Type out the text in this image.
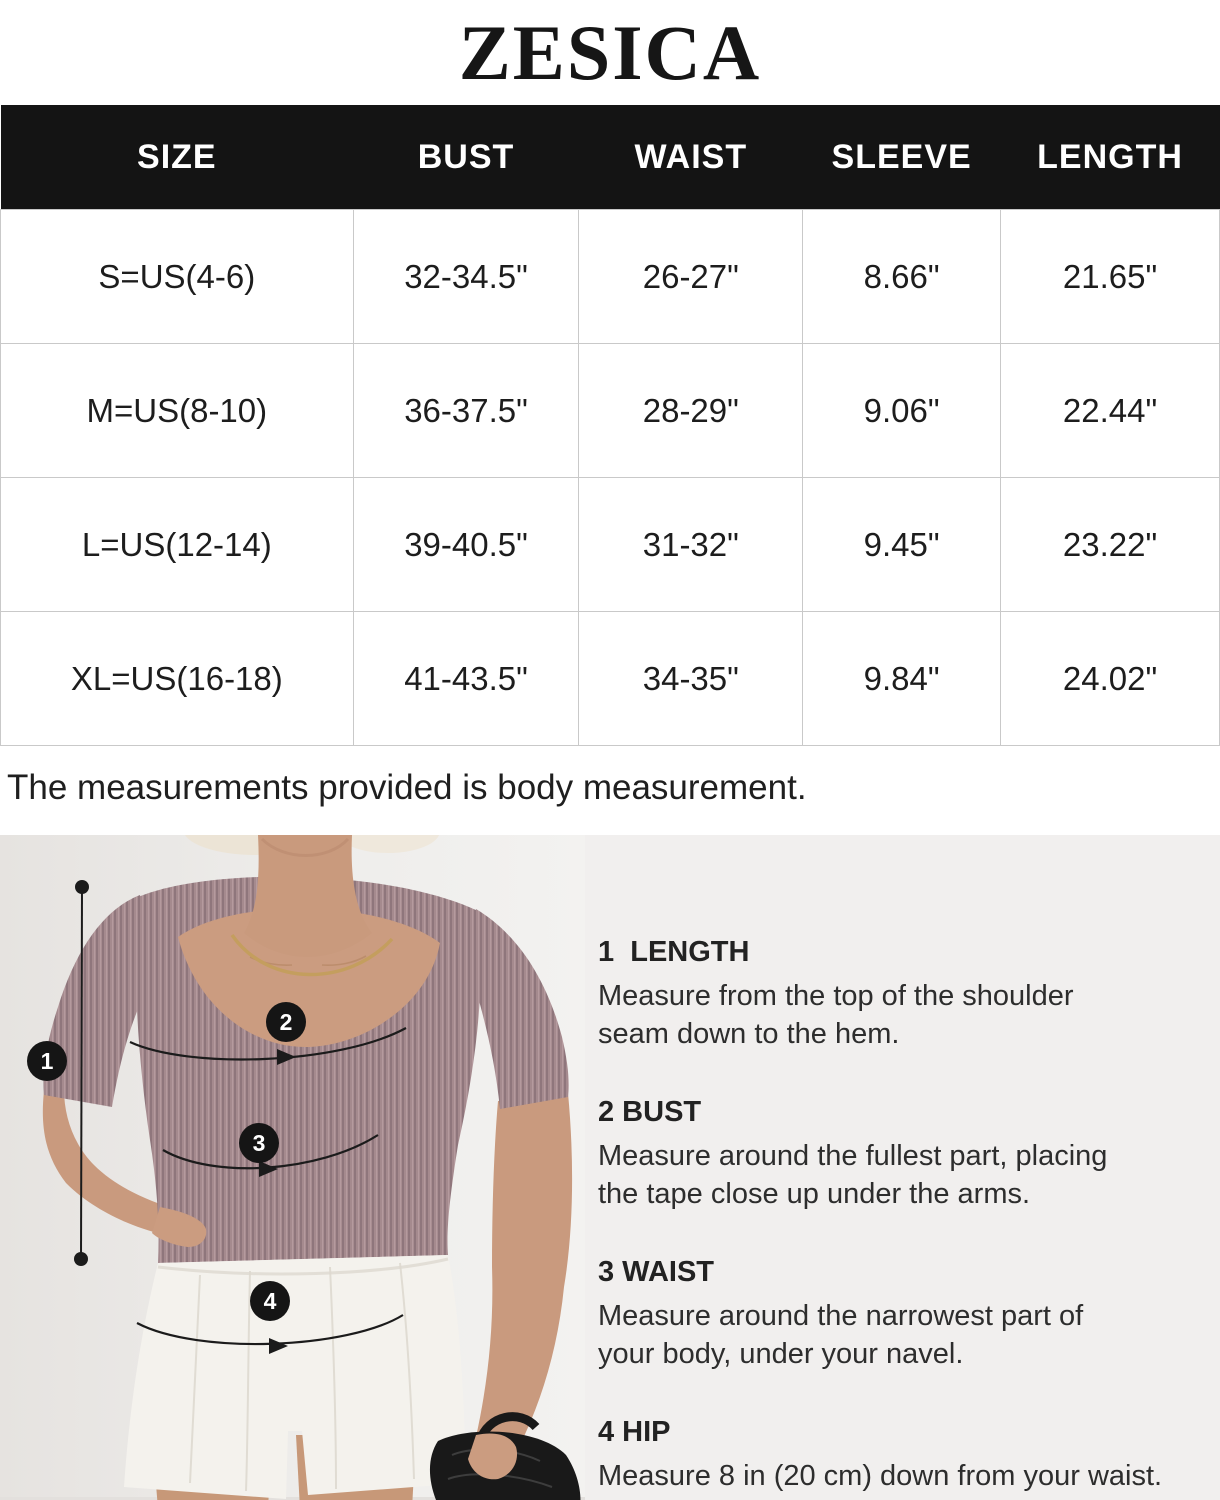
ZESICA
SIZE	BUST	WAIST	SLEEVE	LENGTH
S=US(4-6)	32-34.5"	26-27"	8.66"	21.65"
M=US(8-10)	36-37.5"	28-29"	9.06"	22.44"
L=US(12-14)	39-40.5"	31-32"	9.45"	23.22"
XL=US(16-18)	41-43.5"	34-35"	9.84"	24.02"

The measurements provided is body measurement.

1
2
3
4
1  LENGTH

Measure from the top of the shoulder
seam down to the hem.

2 BUST

Measure around the fullest part, placing
the tape close up under the arms.

3 WAIST

Measure around the narrowest part of
your body, under your navel.

4 HIP

Measure 8 in (20 cm) down from your waist.
